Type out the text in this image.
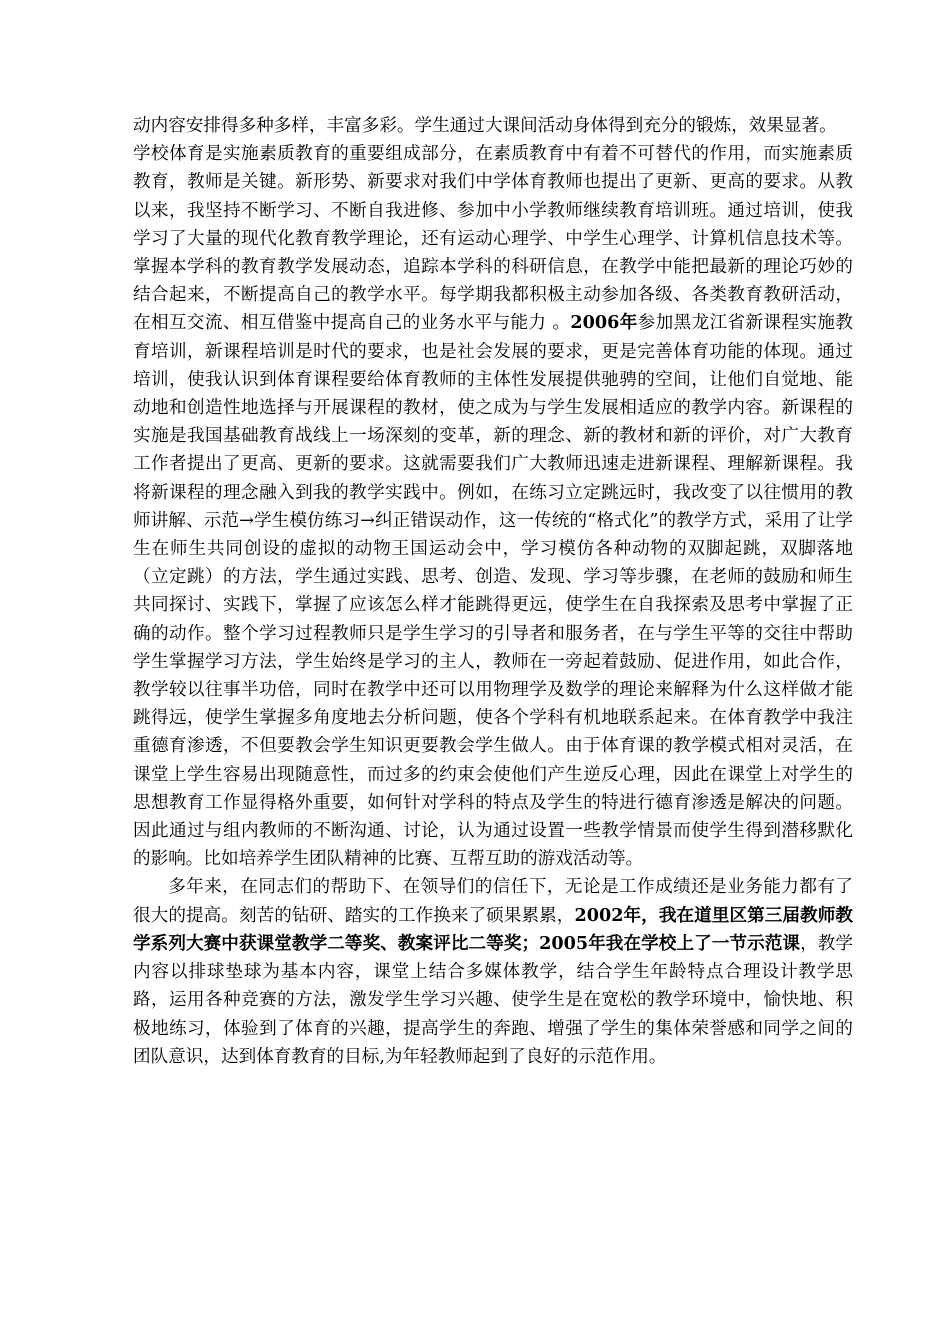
动内容安排得多种多样，丰富多彩。学生通过大课间活动身体得到充分的锻炼，效果显著。

学校体育是实施素质教育的重要组成部分，在素质教育中有着不可替代的作用，而实施素质教育，教师是关键。新形势、新要求对我们中学体育教师也提出了更新、更高的要求。从教以来，我坚持不断学习、不断自我进修、参加中小学教师继续教育培训班。通过培训，使我学习了大量的现代化教育教学理论，还有运动心理学、中学生心理学、计算机信息技术等。掌握本学科的教育教学发展动态，追踪本学科的科研信息，在教学中能把最新的理论巧妙的结合起来，不断提高自己的教学水平。每学期我都积极主动参加各级、各类教育教研活动，在相互交流、相互借鉴中提高自己的业务水平与能力 。2006年参加黑龙江省新课程实施教育培训，新课程培训是时代的要求，也是社会发展的要求，更是完善体育功能的体现。通过培训，使我认识到体育课程要给体育教师的主体性发展提供驰骋的空间，让他们自觉地、能动地和创造性地选择与开展课程的教材，使之成为与学生发展相适应的教学内容。新课程的实施是我国基础教育战线上一场深刻的变革，新的理念、新的教材和新的评价，对广大教育工作者提出了更高、更新的要求。这就需要我们广大教师迅速走进新课程、理解新课程。我将新课程的理念融入到我的教学实践中。例如，在练习立定跳远时，我改变了以往惯用的教师讲解、示范→学生模仿练习→纠正错误动作，这一传统的“格式化”的教学方式，采用了让学生在师生共同创设的虚拟的动物王国运动会中，学习模仿各种动物的双脚起跳，双脚落地（立定跳）的方法，学生通过实践、思考、创造、发现、学习等步骤，在老师的鼓励和师生共同探讨、实践下，掌握了应该怎么样才能跳得更远，使学生在自我探索及思考中掌握了正确的动作。整个学习过程教师只是学生学习的引导者和服务者，在与学生平等的交往中帮助学生掌握学习方法，学生始终是学习的主人，教师在一旁起着鼓励、促进作用，如此合作，教学较以往事半功倍，同时在教学中还可以用物理学及数学的理论来解释为什么这样做才能跳得远，使学生掌握多角度地去分析问题，使各个学科有机地联系起来。在体育教学中我注重德育渗透，不但要教会学生知识更要教会学生做人。由于体育课的教学模式相对灵活，在课堂上学生容易出现随意性，而过多的约束会使他们产生逆反心理，因此在课堂上对学生的思想教育工作显得格外重要，如何针对学科的特点及学生的特进行德育渗透是解决的问题。因此通过与组内教师的不断沟通、讨论，认为通过设置一些教学情景而使学生得到潜移默化的影响。比如培养学生团队精神的比赛、互帮互助的游戏活动等。

多年来，在同志们的帮助下、在领导们的信任下，无论是工作成绩还是业务能力都有了很大的提高。刻苦的钻研、踏实的工作换来了硕果累累，2002年，我在道里区第三届教师教学系列大赛中获课堂教学二等奖、教案评比二等奖；2005年我在学校上了一节示范课，教学内容以排球垫球为基本内容，课堂上结合多媒体教学，结合学生年龄特点合理设计教学思路，运用各种竞赛的方法，激发学生学习兴趣、使学生是在宽松的教学环境中，愉快地、积极地练习，体验到了体育的兴趣，提高学生的奔跑、增强了学生的集体荣誉感和同学之间的团队意识，达到体育教育的目标,为年轻教师起到了良好的示范作用。
